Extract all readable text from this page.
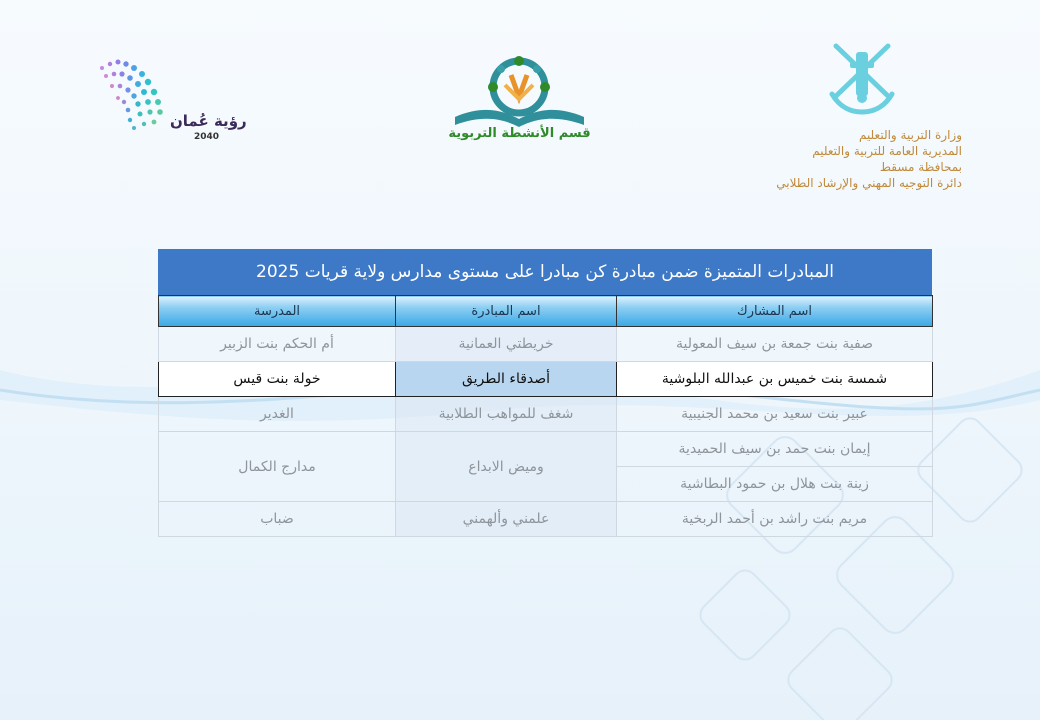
رؤية عُمان
2040	قسم الأنشطة التربوية	وزارة التربية والتعليم
المديرية العامة للتربية والتعليم
بمحافظة مسقط
دائرة التوجيه المهني والإرشاد الطلابي
المبادرات المتميزة ضمن مبادرة كن مبادرا على مستوى مدارس ولاية قريات 2025
اسم المشارك	اسم المبادرة	المدرسة
صفية بنت جمعة بن سيف المعولية	خريطتي العمانية	أم الحكم بنت الزبير
شمسة بنت خميس بن عبدالله البلوشية	أصدقاء الطريق	خولة بنت قيس
عبير بنت سعيد بن محمد الجنيبية	شغف للمواهب الطلابية	الغدير
إيمان بنت حمد بن سيف الحميدية	وميض الابداع	مدارج الكمال
زينة بنت هلال بن حمود البطاشية		
مريم بنت راشد بن أحمد الربخية	علمني وألهمني	ضباب
